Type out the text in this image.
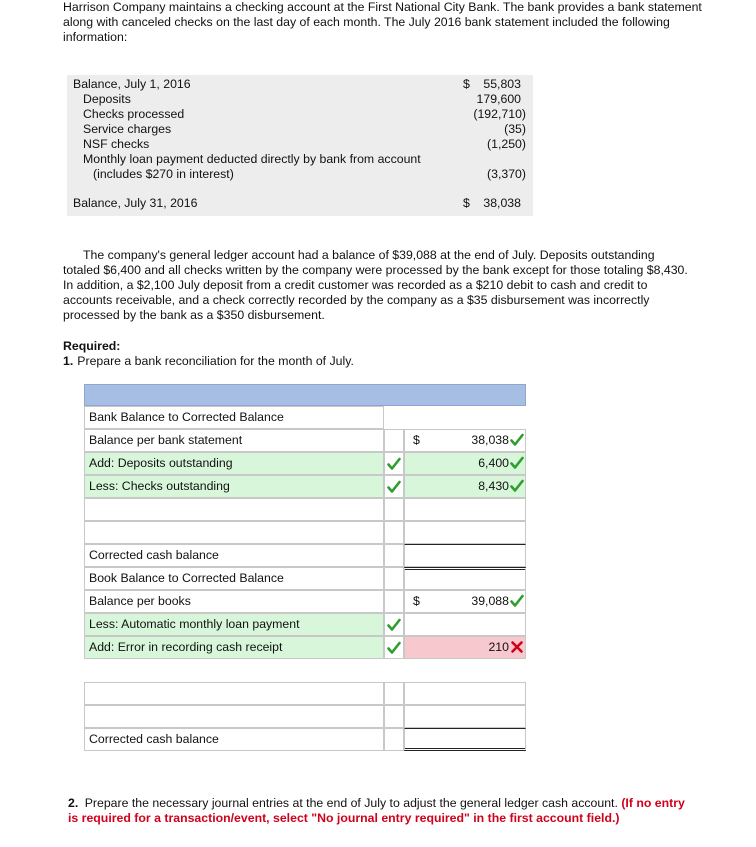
Harrison Company maintains a checking account at the First National City Bank. The bank provides a bank statement along with canceled checks on the last day of each month. The July 2016 bank statement included the following information:
Balance, July 1, 2016	$ 55,803
Deposits	179,600
Checks processed	(192,710)
Service charges	(35)
NSF checks	(1,250)
Monthly loan payment deducted directly by bank from account
(includes $270 in interest)	(3,370)
Balance, July 31, 2016	$ 38,038

The company's general ledger account had a balance of $39,088 at the end of July. Deposits outstanding totaled $6,400 and all checks written by the company were processed by the bank except for those totaling $8,430. In addition, a $2,100 July deposit from a credit customer was recorded as a $210 debit to cash and credit to accounts receivable, and a check correctly recorded by the company as a $35 disbursement was incorrectly processed by the bank as a $350 disbursement.

Required:
1. Prepare a bank reconciliation for the month of July.
Bank Balance to Corrected Balance
Balance per bank statement	$	38,038
Add: Deposits outstanding	6,400
Less: Checks outstanding	8,430
Corrected cash balance
Book Balance to Corrected Balance
Balance per books	$	39,088
Less: Automatic monthly loan payment
Add: Error in recording cash receipt	210
Corrected cash balance
2. Prepare the necessary journal entries at the end of July to adjust the general ledger cash account. (If no entry is required for a transaction/event, select "No journal entry required" in the first account field.)
